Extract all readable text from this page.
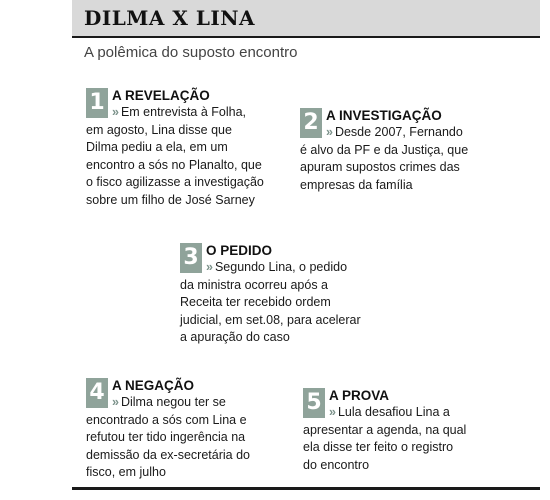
DILMA X LINA
A polêmica do suposto encontro
1 A REVELAÇÃO
» Em entrevista à Folha,
em agosto, Lina disse que
Dilma pediu a ela, em um
encontro a sós no Planalto, que
o fisco agilizasse a investigação
sobre um filho de José Sarney
2 A INVESTIGAÇÃO
» Desde 2007, Fernando
é alvo da PF e da Justiça, que
apuram supostos crimes das
empresas da família
3 O PEDIDO
» Segundo Lina, o pedido
da ministra ocorreu após a
Receita ter recebido ordem
judicial, em set.08, para acelerar
a apuração do caso
4 A NEGAÇÃO
» Dilma negou ter se
encontrado a sós com Lina e
refutou ter tido ingerência na
demissão da ex-secretária do
fisco, em julho
5 A PROVA
» Lula desafiou Lina a
apresentar a agenda, na qual
ela disse ter feito o registro
do encontro
